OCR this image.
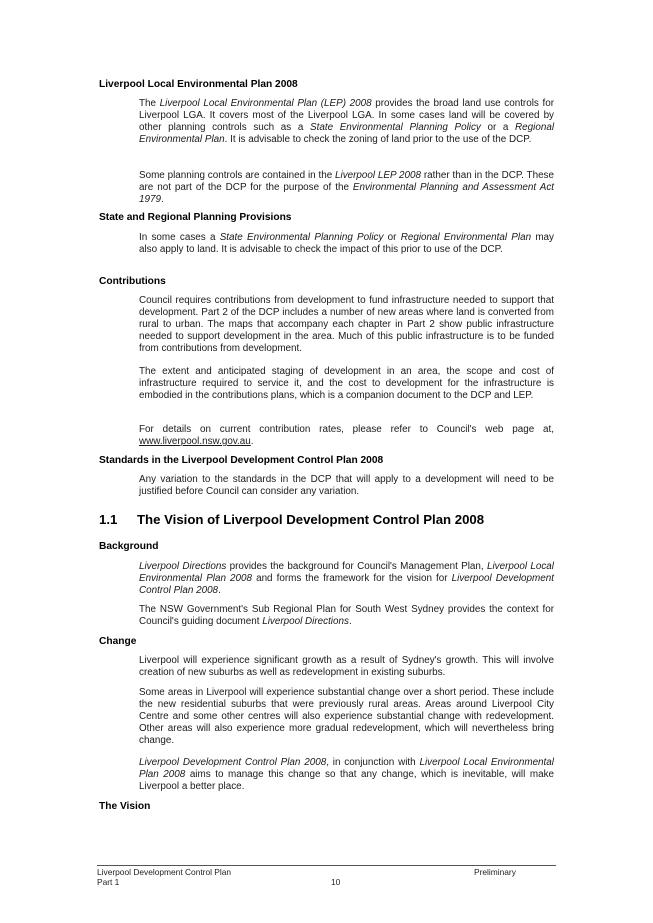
Liverpool Local Environmental Plan 2008
The Liverpool Local Environmental Plan (LEP) 2008 provides the broad land use controls for Liverpool LGA. It covers most of the Liverpool LGA. In some cases land will be covered by other planning controls such as a State Environmental Planning Policy or a Regional Environmental Plan. It is advisable to check the zoning of land prior to the use of the DCP.
Some planning controls are contained in the Liverpool LEP 2008 rather than in the DCP. These are not part of the DCP for the purpose of the Environmental Planning and Assessment Act 1979.
State and Regional Planning Provisions
In some cases a State Environmental Planning Policy or Regional Environmental Plan may also apply to land. It is advisable to check the impact of this prior to use of the DCP.
Contributions
Council requires contributions from development to fund infrastructure needed to support that development. Part 2 of the DCP includes a number of new areas where land is converted from rural to urban. The maps that accompany each chapter in Part 2 show public infrastructure needed to support development in the area. Much of this public infrastructure is to be funded from contributions from development.
The extent and anticipated staging of development in an area, the scope and cost of infrastructure required to service it, and the cost to development for the infrastructure is embodied in the contributions plans, which is a companion document to the DCP and LEP.
For details on current contribution rates, please refer to Council's web page at, www.liverpool.nsw.gov.au.
Standards in the Liverpool Development Control Plan 2008
Any variation to the standards in the DCP that will apply to a development will need to be justified before Council can consider any variation.
1.1 The Vision of Liverpool Development Control Plan 2008
Background
Liverpool Directions provides the background for Council's Management Plan, Liverpool Local Environmental Plan 2008 and forms the framework for the vision for Liverpool Development Control Plan 2008.
The NSW Government's Sub Regional Plan for South West Sydney provides the context for Council's guiding document Liverpool Directions.
Change
Liverpool will experience significant growth as a result of Sydney's growth. This will involve creation of new suburbs as well as redevelopment in existing suburbs.
Some areas in Liverpool will experience substantial change over a short period. These include the new residential suburbs that were previously rural areas. Areas around Liverpool City Centre and some other centres will also experience substantial change with redevelopment. Other areas will also experience more gradual redevelopment, which will nevertheless bring change.
Liverpool Development Control Plan 2008, in conjunction with Liverpool Local Environmental Plan 2008 aims to manage this change so that any change, which is inevitable, will make Liverpool a better place.
The Vision
Liverpool Development Control Plan
Part 1	10
Preliminary
